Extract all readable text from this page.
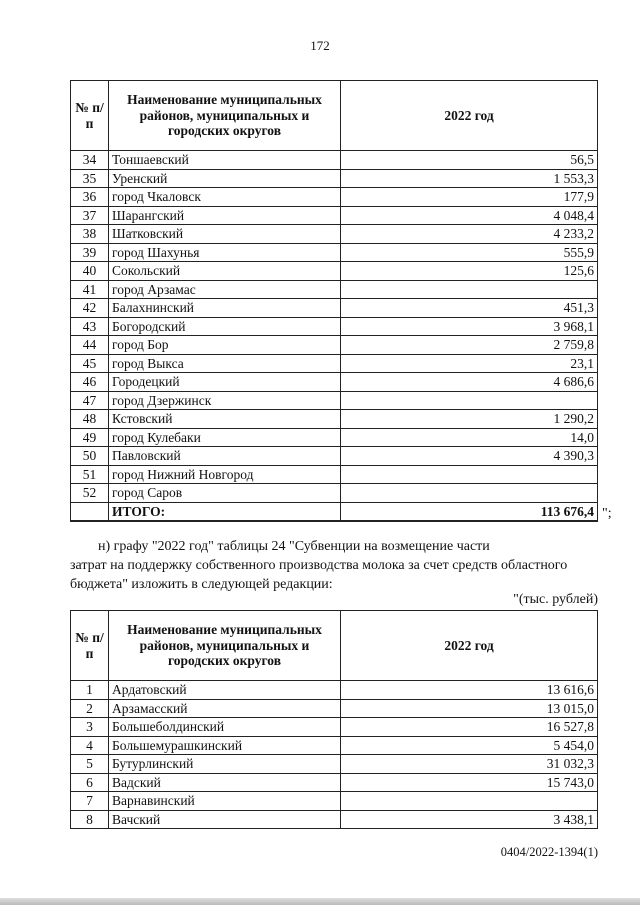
172
№ п/п	Наименование муниципальных районов, муниципальных и городских округов	2022 год
34	Тоншаевский	56,5
35	Уренский	1 553,3
36	город Чкаловск	177,9
37	Шарангский	4 048,4
38	Шатковский	4 233,2
39	город Шахунья	555,9
40	Сокольский	125,6
41	город Арзамас	
42	Балахнинский	451,3
43	Богородский	3 968,1
44	город Бор	2 759,8
45	город Выкса	23,1
46	Городецкий	4 686,6
47	город Дзержинск	
48	Кстовский	1 290,2
49	город Кулебаки	14,0
50	Павловский	4 390,3
51	город Нижний Новгород	
52	город Саров	
	ИТОГО:	113 676,4 ";
н) графу "2022 год" таблицы 24 "Субвенции на возмещение части
затрат на поддержку собственного производства молока за счет средств областного бюджета" изложить в следующей редакции:
"(тыс. рублей)
№ п/п	Наименование муниципальных районов, муниципальных и городских округов	2022 год
1	Ардатовский	13 616,6
2	Арзамасский	13 015,0
3	Большеболдинский	16 527,8
4	Большемурашкинский	5 454,0
5	Бутурлинский	31 032,3
6	Вадский	15 743,0
7	Варнавинский	
8	Вачский	3 438,1
0404/2022-1394(1)
